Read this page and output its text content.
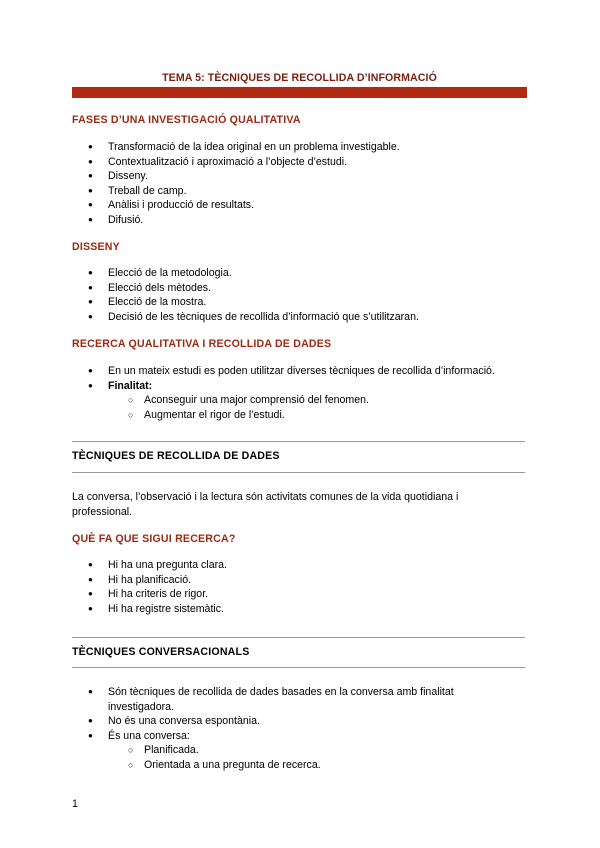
TEMA 5: TÈCNIQUES DE RECOLLIDA D’INFORMACIÓ
FASES D’UNA INVESTIGACIÓ QUALITATIVA
● Transformació de la idea original en un problema investigable.
● Contextualització i aproximació a l’objecte d’estudi.
● Disseny.
● Treball de camp.
● Anàlisi i producció de resultats.
● Difusió.
DISSENY
● Elecció de la metodologia.
● Elecció dels mètodes.
● Elecció de la mostra.
● Decisió de les tècniques de recollida d’informació que s’utilitzaran.
RECERCA QUALITATIVA I RECOLLIDA DE DADES
● En un mateix estudi es poden utilitzar diverses tècniques de recollida d’informació.
● Finalitat:
○ Aconseguir una major comprensió del fenomen.
○ Augmentar el rigor de l’estudi.
TÈCNIQUES DE RECOLLIDA DE DADES
La conversa, l’observació i la lectura són activitats comunes de la vida quotidiana i professional.
QUÈ FA QUE SIGUI RECERCA?
● Hi ha una pregunta clara.
● Hi ha planificació.
● Hi ha criteris de rigor.
● Hi ha registre sistemàtic.
TÈCNIQUES CONVERSACIONALS
● Són tècniques de recollida de dades basades en la conversa amb finalitat investigadora.
● No és una conversa espontània.
● És una conversa:
○ Planificada.
○ Orientada a una pregunta de recerca.
1
